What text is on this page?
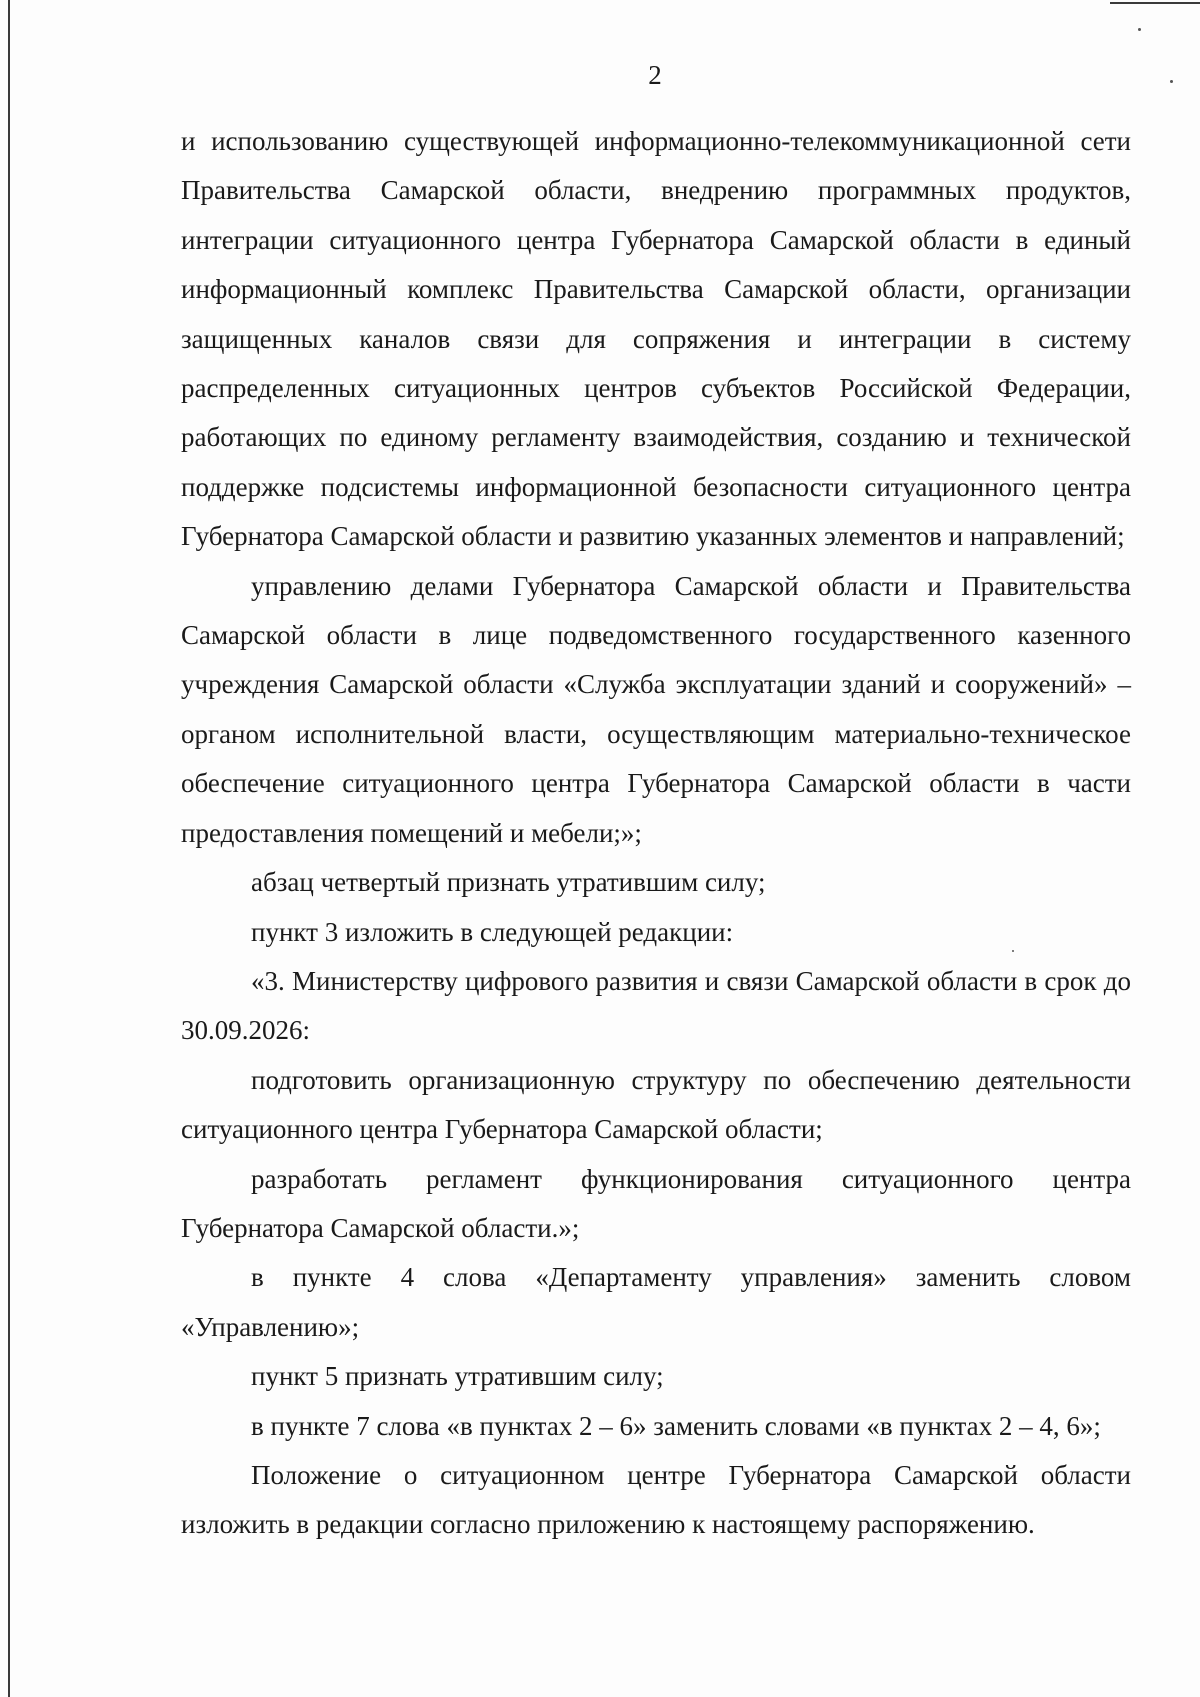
2

и использованию существующей информационно-телекоммуникационной сети Правительства Самарской области, внедрению программных продуктов, интеграции ситуационного центра Губернатора Самарской области в единый информационный комплекс Правительства Самарской области, организации защищенных каналов связи для сопряжения и интеграции в систему распределенных ситуационных центров субъектов Российской Федерации, работающих по единому регламенту взаимодействия, созданию и технической поддержке подсистемы информационной безопасности ситуационного центра Губернатора Самарской области и развитию указанных элементов и направлений;

управлению делами Губернатора Самарской области и Правительства Самарской области в лице подведомственного государственного казенного учреждения Самарской области «Служба эксплуатации зданий и сооружений» – органом исполнительной власти, осуществляющим материально-техническое обеспечение ситуационного центра Губернатора Самарской области в части предоставления помещений и мебели;»;

абзац четвертый признать утратившим силу;

пункт 3 изложить в следующей редакции:

«3. Министерству цифрового развития и связи Самарской области в срок до 30.09.2026:

подготовить организационную структуру по обеспечению деятельности ситуационного центра Губернатора Самарской области;

разработать регламент функционирования ситуационного центра Губернатора Самарской области.»;

в пункте 4 слова «Департаменту управления» заменить словом «Управлению»;

пункт 5 признать утратившим силу;

в пункте 7 слова «в пунктах 2 – 6» заменить словами «в пунктах 2 – 4, 6»;

Положение о ситуационном центре Губернатора Самарской области изложить в редакции согласно приложению к настоящему распоряжению.
